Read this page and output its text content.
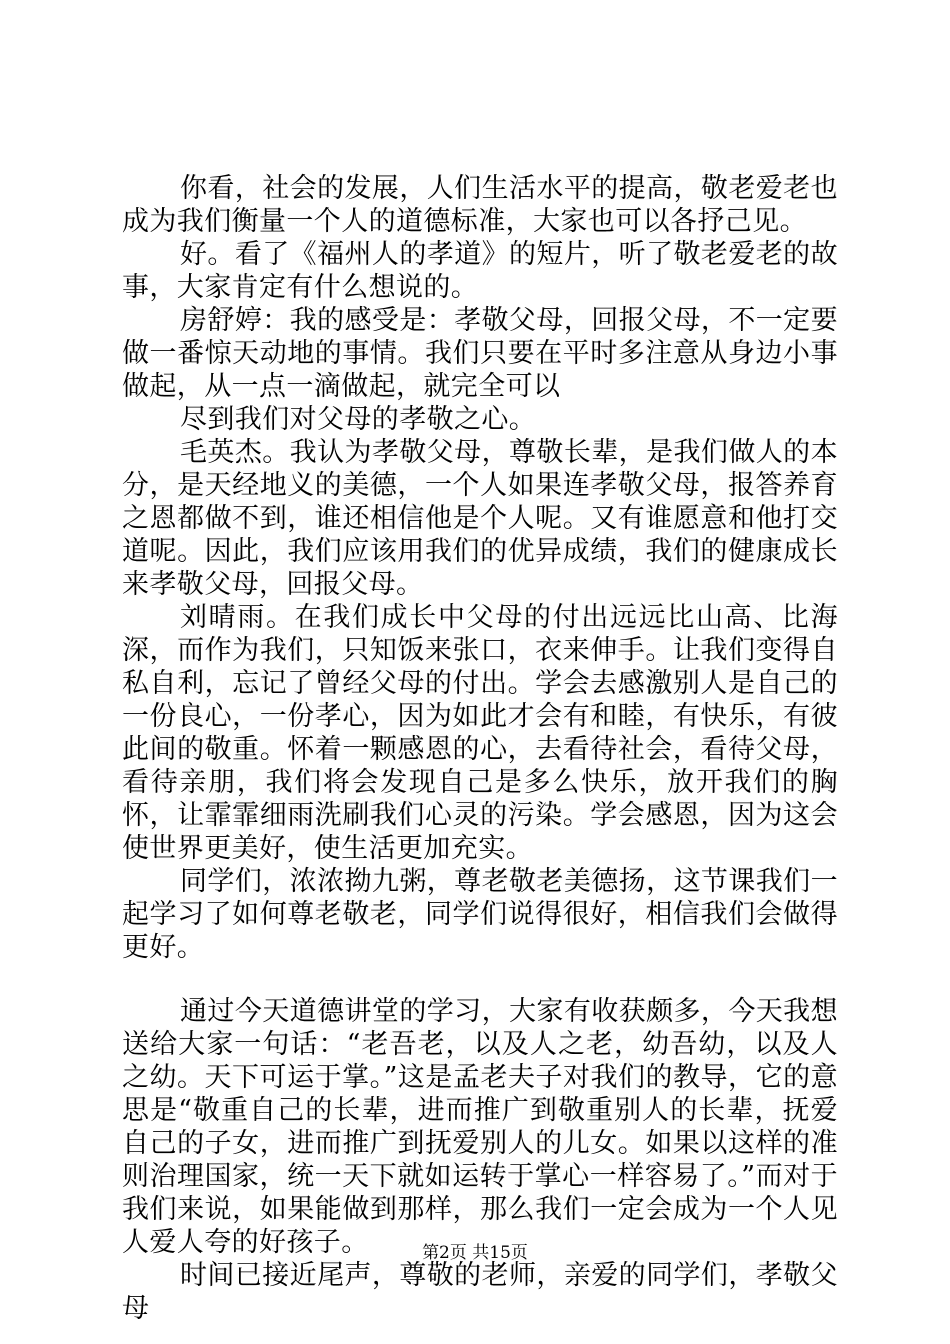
你看，社会的发展，人们生活水平的提高，敬老爱老也成为我们衡量一个人的道德标准，大家也可以各抒己见。

好。看了《福州人的孝道》的短片，听了敬老爱老的故事，大家肯定有什么想说的。

房舒婷：我的感受是：孝敬父母，回报父母，不一定要做一番惊天动地的事情。我们只要在平时多注意从身边小事做起，从一点一滴做起，就完全可以

尽到我们对父母的孝敬之心。

毛英杰。我认为孝敬父母，尊敬长辈，是我们做人的本分，是天经地义的美德，一个人如果连孝敬父母，报答养育之恩都做不到，谁还相信他是个人呢。又有谁愿意和他打交道呢。因此，我们应该用我们的优异成绩，我们的健康成长来孝敬父母，回报父母。

刘晴雨。在我们成长中父母的付出远远比山高、比海深，而作为我们，只知饭来张口，衣来伸手。让我们变得自私自利，忘记了曾经父母的付出。学会去感激别人是自己的一份良心，一份孝心，因为如此才会有和睦，有快乐，有彼此间的敬重。怀着一颗感恩的心，去看待社会，看待父母，看待亲朋，我们将会发现自己是多么快乐，放开我们的胸怀，让霏霏细雨洗刷我们心灵的污染。学会感恩，因为这会使世界更美好，使生活更加充实。

同学们，浓浓拗九粥，尊老敬老美德扬，这节课我们一起学习了如何尊老敬老，同学们说得很好，相信我们会做得更好。

通过今天道德讲堂的学习，大家有收获颇多，今天我想送给大家一句话：“老吾老，以及人之老，幼吾幼，以及人之幼。天下可运于掌。”这是孟老夫子对我们的教导，它的意思是“敬重自己的长辈，进而推广到敬重别人的长辈，抚爱自己的子女，进而推广到抚爱别人的儿女。如果以这样的准则治理国家，统一天下就如运转于掌心一样容易了。”而对于我们来说，如果能做到那样，那么我们一定会成为一个人见人爱人夸的好孩子。

时间已接近尾声，尊敬的老师，亲爱的同学们，孝敬父母

第2页 共15页
